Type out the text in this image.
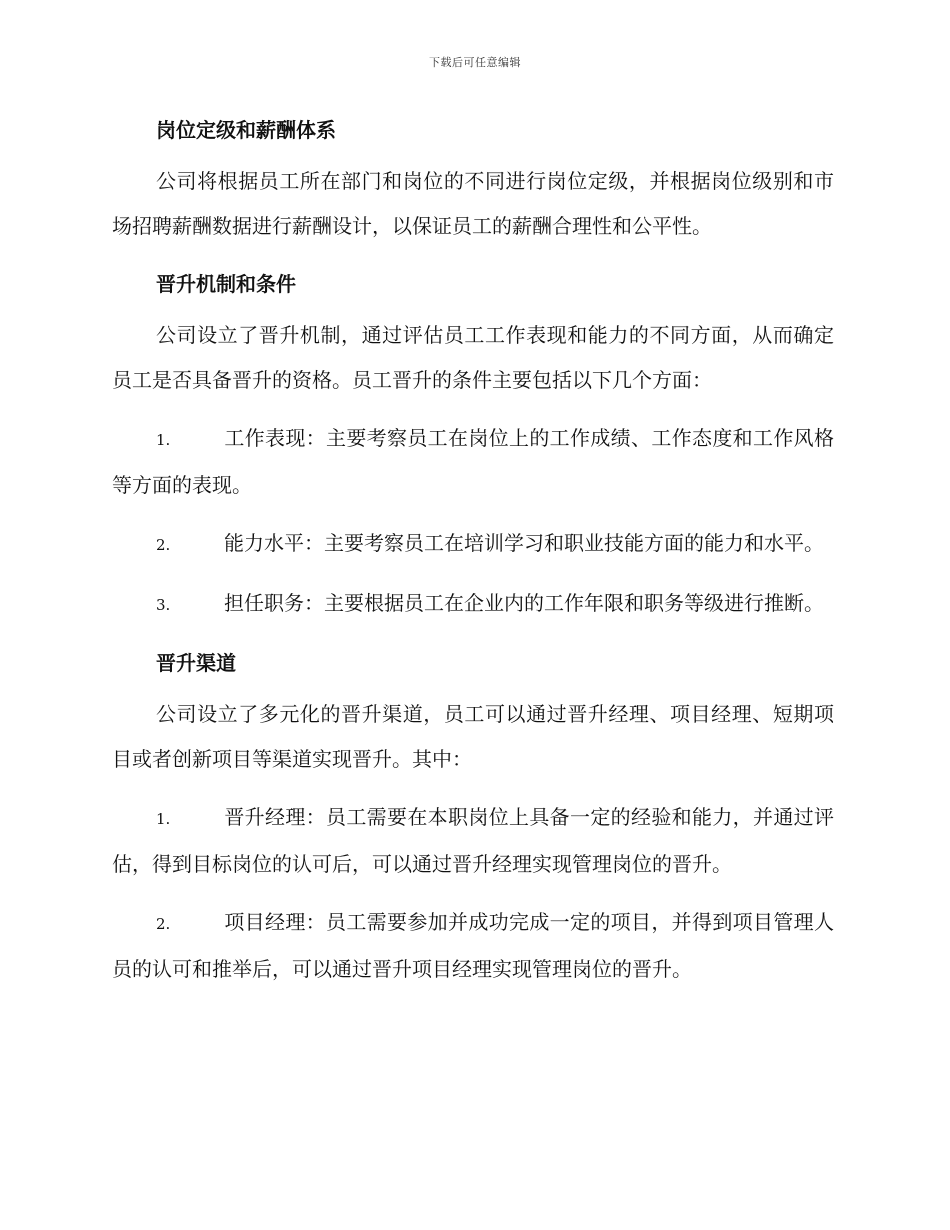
下载后可任意编辑
岗位定级和薪酬体系

公司将根据员工所在部门和岗位的不同进行岗位定级，并根据岗位级别和市场招聘薪酬数据进行薪酬设计，以保证员工的薪酬合理性和公平性。

晋升机制和条件

公司设立了晋升机制，通过评估员工工作表现和能力的不同方面，从而确定员工是否具备晋升的资格。员工晋升的条件主要包括以下几个方面：

1.	工作表现：主要考察员工在岗位上的工作成绩、工作态度和工作风格等方面的表现。

2.	能力水平：主要考察员工在培训学习和职业技能方面的能力和水平。

3.	担任职务：主要根据员工在企业内的工作年限和职务等级进行推断。

晋升渠道

公司设立了多元化的晋升渠道，员工可以通过晋升经理、项目经理、短期项目或者创新项目等渠道实现晋升。其中：

1.	晋升经理：员工需要在本职岗位上具备一定的经验和能力，并通过评估，得到目标岗位的认可后，可以通过晋升经理实现管理岗位的晋升。

2.	项目经理：员工需要参加并成功完成一定的项目，并得到项目管理人员的认可和推举后，可以通过晋升项目经理实现管理岗位的晋升。
